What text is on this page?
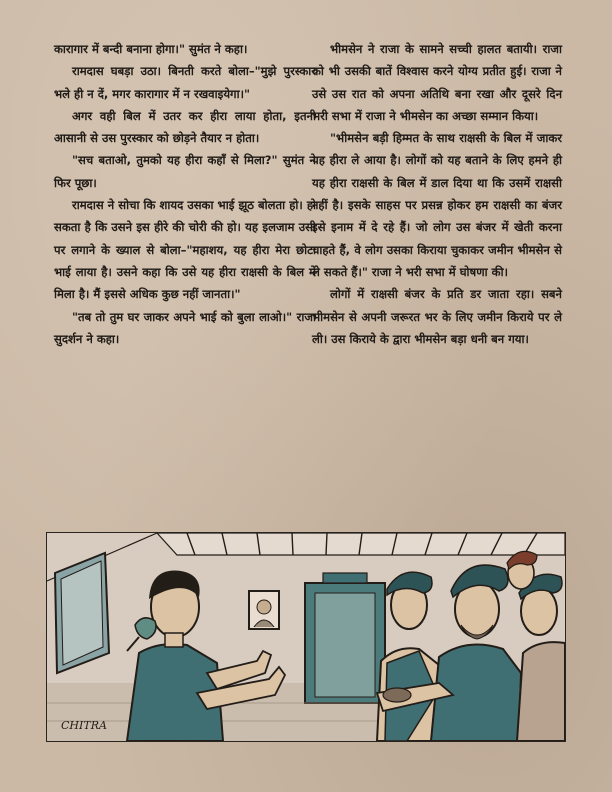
कारागार में बन्दी बनाना होगा।" सुमंत ने कहा।

रामदास घबड़ा उठा। बिनती करते बोला–"मुझे पुरस्कार भले ही न दें, मगर कारागार में न रखवाइयेगा।"

अगर वही बिल में उतर कर हीरा लाया होता, इतनी आसानी से उस पुरस्कार को छोड़ने तैयार न होता।

"सच बताओ, तुमको यह हीरा कहाँ से मिला?" सुमंत ने फिर पूछा।

रामदास ने सोचा कि शायद उसका भाई झूठ बोलता हो। हो सकता है कि उसने इस हीरे की चोरी की हो। यह इलजाम उसी पर लगाने के ख्याल से बोला–"महाशय, यह हीरा मेरा छोटा भाई लाया है। उसने कहा कि उसे यह हीरा राक्षसी के बिल में मिला है। मैं इससे अधिक कुछ नहीं जानता।"

"तब तो तुम घर जाकर अपने भाई को बुला लाओ।" राजा सुदर्शन ने कहा।

भीमसेन ने राजा के सामने सच्ची हालत बतायी। राजा को भी उसकी बातें विश्वास करने योग्य प्रतीत हुई। राजा ने उसे उस रात को अपना अतिथि बना रखा और दूसरे दिन भरी सभा में राजा ने भीमसेन का अच्छा सम्मान किया।

"भीमसेन बड़ी हिम्मत के साथ राक्षसी के बिल में जाकर यह हीरा ले आया है। लोगों को यह बताने के लिए हमने ही यह हीरा राक्षसी के बिल में डाल दिया था कि उसमें राक्षसी नहीं है। इसके साहस पर प्रसन्न होकर हम राक्षसी का बंजर इसे इनाम में दे रहे हैं। जो लोग उस बंजर में खेती करना चाहते हैं, वे लोग उसका किराया चुकाकर जमीन भीमसेन से ले सकते हैं।" राजा ने भरी सभा में घोषणा की।

लोगों में राक्षसी बंजर के प्रति डर जाता रहा। सबने भीमसेन से अपनी जरूरत भर के लिए जमीन किराये पर ले ली। उस किराये के द्वारा भीमसेन बड़ा धनी बन गया।

CHITRA
